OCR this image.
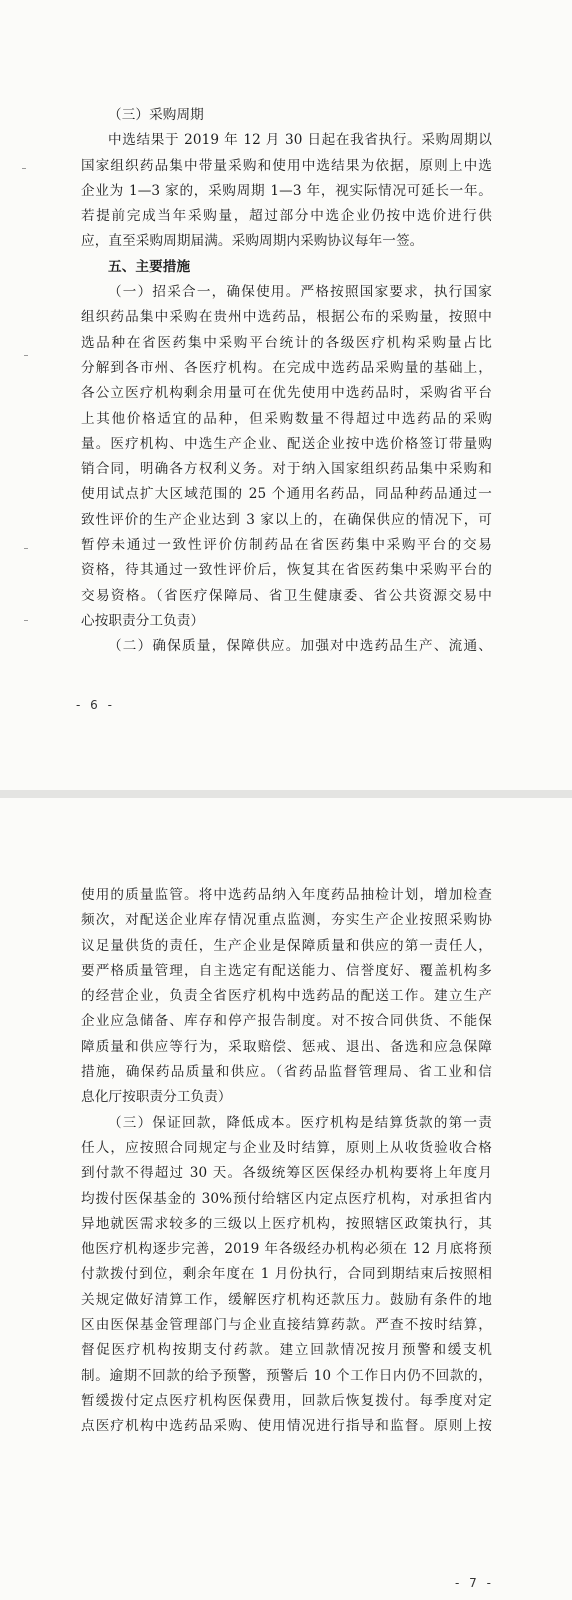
（三）采购周期

中选结果于 2019 年 12 月 30 日起在我省执行。采购周期以

国家组织药品集中带量采购和使用中选结果为依据，原则上中选

企业为 1—3 家的，采购周期 1—3 年，视实际情况可延长一年。

若提前完成当年采购量，超过部分中选企业仍按中选价进行供

应，直至采购周期届满。采购周期内采购协议每年一签。

五、主要措施

（一）招采合一，确保使用。严格按照国家要求，执行国家

组织药品集中采购在贵州中选药品，根据公布的采购量，按照中

选品种在省医药集中采购平台统计的各级医疗机构采购量占比

分解到各市州、各医疗机构。在完成中选药品采购量的基础上，

各公立医疗机构剩余用量可在优先使用中选药品时，采购省平台

上其他价格适宜的品种，但采购数量不得超过中选药品的采购

量。医疗机构、中选生产企业、配送企业按中选价格签订带量购

销合同，明确各方权利义务。对于纳入国家组织药品集中采购和

使用试点扩大区域范围的 25 个通用名药品，同品种药品通过一

致性评价的生产企业达到 3 家以上的，在确保供应的情况下，可

暂停未通过一致性评价仿制药品在省医药集中采购平台的交易

资格，待其通过一致性评价后，恢复其在省医药集中采购平台的

交易资格。（省医疗保障局、省卫生健康委、省公共资源交易中

心按职责分工负责）

（二）确保质量，保障供应。加强对中选药品生产、流通、

- 6 -

使用的质量监管。将中选药品纳入年度药品抽检计划，增加检查

频次，对配送企业库存情况重点监测，夯实生产企业按照采购协

议足量供货的责任，生产企业是保障质量和供应的第一责任人，

要严格质量管理，自主选定有配送能力、信誉度好、覆盖机构多

的经营企业，负责全省医疗机构中选药品的配送工作。建立生产

企业应急储备、库存和停产报告制度。对不按合同供货、不能保

障质量和供应等行为，采取赔偿、惩戒、退出、备选和应急保障

措施，确保药品质量和供应。（省药品监督管理局、省工业和信

息化厅按职责分工负责）

（三）保证回款，降低成本。医疗机构是结算货款的第一责

任人，应按照合同规定与企业及时结算，原则上从收货验收合格

到付款不得超过 30 天。各级统筹区医保经办机构要将上年度月

均拨付医保基金的 30%预付给辖区内定点医疗机构，对承担省内

异地就医需求较多的三级以上医疗机构，按照辖区政策执行，其

他医疗机构逐步完善，2019 年各级经办机构必须在 12 月底将预

付款拨付到位，剩余年度在 1 月份执行，合同到期结束后按照相

关规定做好清算工作，缓解医疗机构还款压力。鼓励有条件的地

区由医保基金管理部门与企业直接结算药款。严查不按时结算，

督促医疗机构按期支付药款。建立回款情况按月预警和缓支机

制。逾期不回款的给予预警，预警后 10 个工作日内仍不回款的，

暂缓拨付定点医疗机构医保费用，回款后恢复拨付。每季度对定

点医疗机构中选药品采购、使用情况进行指导和监督。原则上按

- 7 -
